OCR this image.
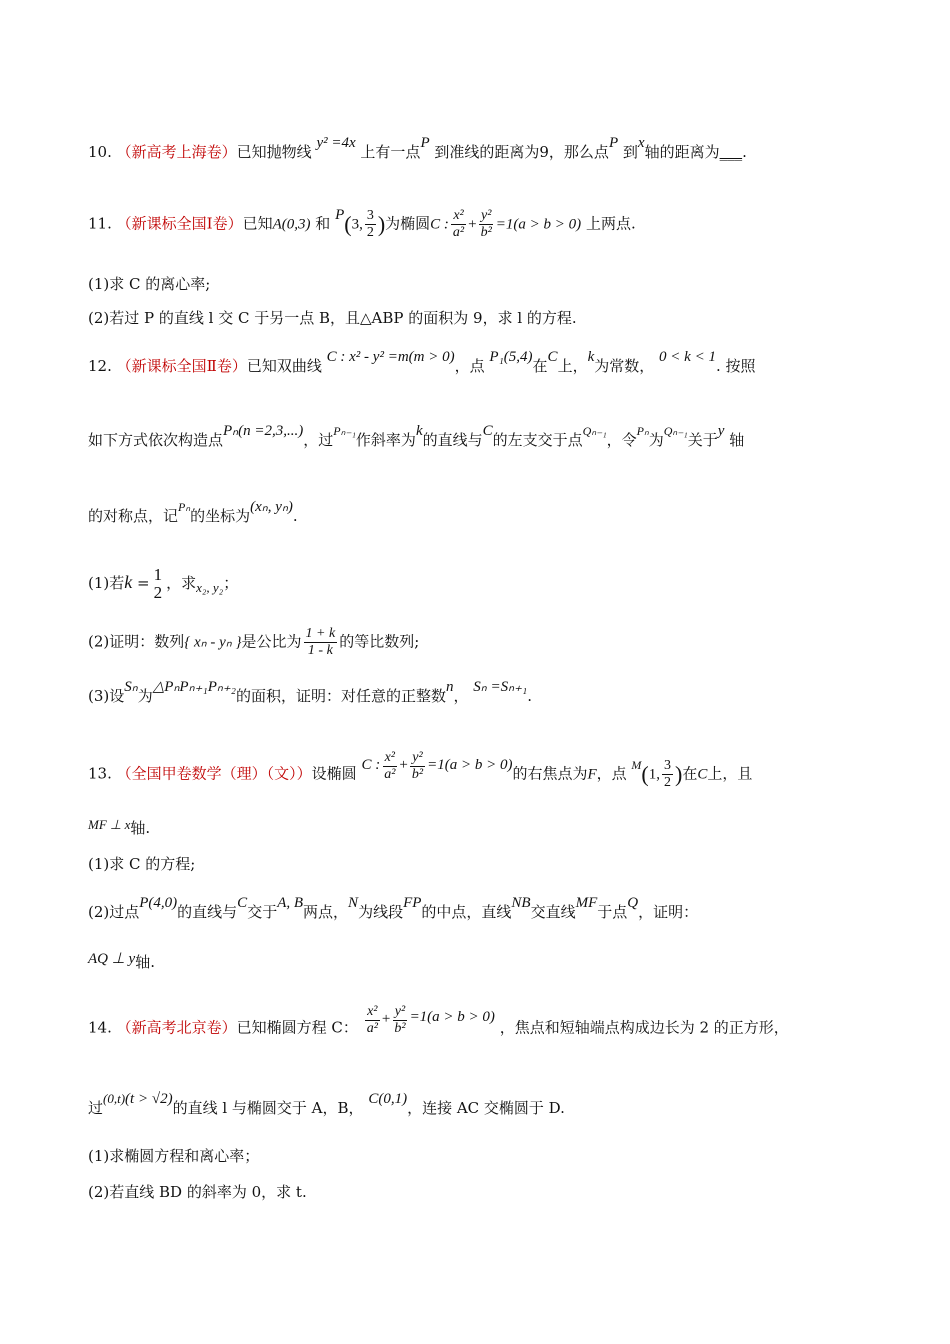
10. （新高考上海卷）已知抛物线 y² =4x 上有一点P 到准线的距离为9，那么点P 到x轴的距离为___.
11. （新课标全国Ⅰ卷）已知A(0,3) 和 P(3, $\frac{3}{2}$ )为椭圆C : $\frac{\text{x²}}{\text{a²}} + \frac{\text{y²}}{\text{b²}} =1(a > b > 0)$ 上两点.
(1)求 C 的离心率;
(2)若过 P 的直线 l 交 C 于另一点 B，且△ABP 的面积为 9，求 l 的方程.
12. （新课标全国Ⅱ卷）已知双曲线 C : x² - y² =m(m > 0)，点 P₁(5,4)在C上，k为常数， 0 < k < 1. 按照
如下方式依次构造点Pₙ(n =2,3,...)，过$^{P_{n-1}}$作斜率为k的直线与C的左支交于点$^{Q_{n-1}}$，令$^{P_n}$为$^{Q_{n-1}}$关于y 轴
的对称点，记$^{P_n}$的坐标为(xₙ, yₙ).
(1)若k = 1
2 ，求x₂, y₂；
(2)证明：数列{ xₙ - yₙ }是公比为 $\frac{1 + k}{1 - k}$ 的等比数列;
(3)设Sₙ为△PₙPₙ₊₁Pₙ₊₂的面积，证明：对任意的正整数n， Sₙ =Sₙ₊₁.
13. （全国甲卷数学（理）（文））设椭圆 C : $\frac{\text{x²}}{\text{a²}} + \frac{\text{y²}}{\text{b²}} =1(a > b > 0)$的右焦点为F，点 $^M$(1, $\frac{3}{2}$ )在C上，且
MF ⊥ x轴.
(1)求 C 的方程;
(2)过点P(4,0)的直线与C交于A, B两点，N为线段FP的中点，直线NB交直线MF于点Q，证明：
AQ ⊥ y轴.
14. （新高考北京卷）已知椭圆方程 C： $\frac{\text{x²}}{\text{a²}} + \frac{\text{y²}}{\text{b²}} =1(a > b > 0)$ ，焦点和短轴端点构成边长为 2 的正方形，
过(0,t)(t > √2)的直线 l 与椭圆交于 A，B， C(0,1)，连接 AC 交椭圆于 D.
(1)求椭圆方程和离心率；
(2)若直线 BD 的斜率为 0，求 t.
